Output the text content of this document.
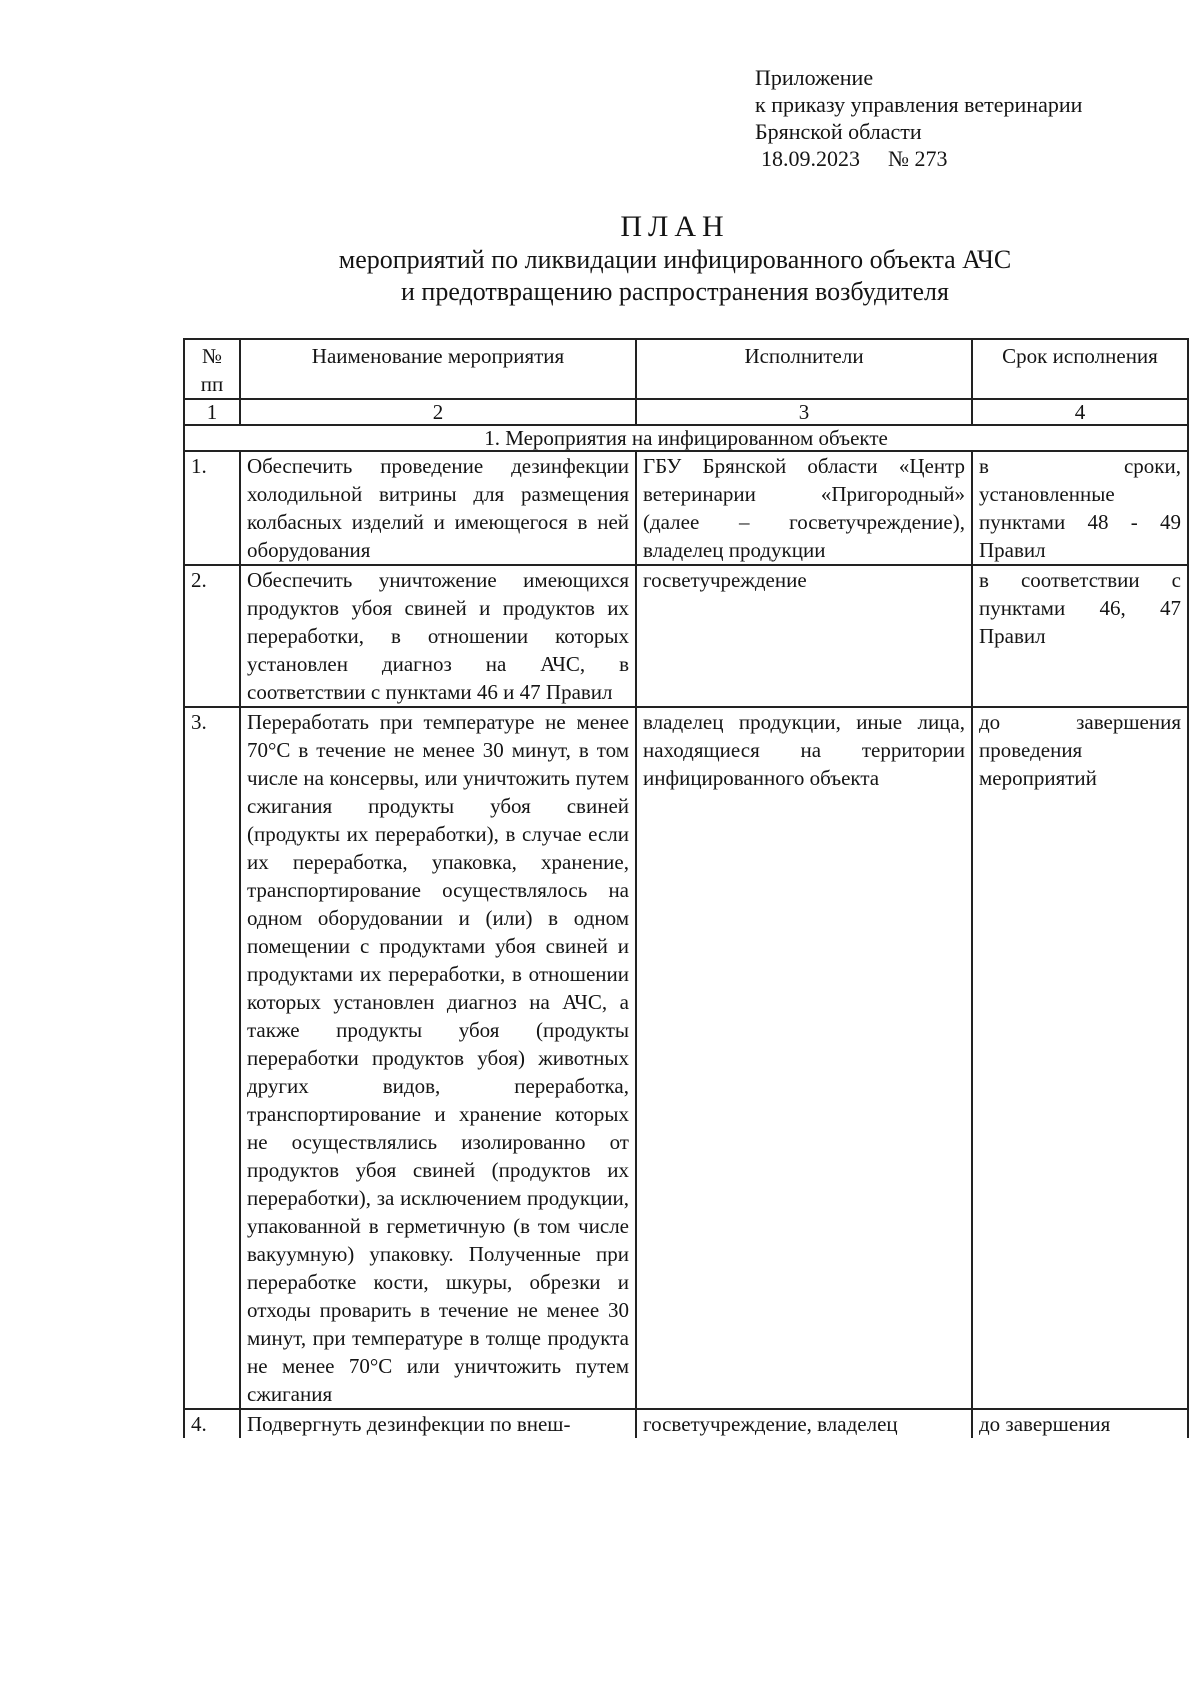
Приложение
к приказу управления ветеринарии
Брянской области
18.09.2023 № 273
ПЛАН
мероприятий по ликвидации инфицированного объекта АЧС
и предотвращению распространения возбудителя
№ пп	Наименование мероприятия	Исполнители	Срок исполнения
1	2	3	4
1. Мероприятия на инфицированном объекте			
1.	Обеспечить проведение дезинфекции холодильной витрины для размещения колбасных изделий и имеющегося в ней оборудования	ГБУ Брянской области «Центр ветеринарии «Пригородный» (далее – госветучреждение), владелец продукции	в сроки, установленные пунктами 48 - 49 Правил
2.	Обеспечить уничтожение имеющихся продуктов убоя свиней и продуктов их переработки, в отношении которых установлен диагноз на АЧС, в соответствии с пунктами 46 и 47 Правил	госветучреждение	в соответствии с пунктами 46, 47 Правил
3.	Переработать при температуре не менее 70°С в течение не менее 30 минут, в том числе на консервы, или уничтожить путем сжигания продукты убоя свиней (продукты их переработки), в случае если их переработка, упаковка, хранение, транспортирование осуществлялось на одном оборудовании и (или) в одном помещении с продуктами убоя свиней и продуктами их переработки, в отношении которых установлен диагноз на АЧС, а также продукты убоя (продукты переработки продуктов убоя) животных других видов, переработка, транспортирование и хранение которых не осуществлялись изолированно от продуктов убоя свиней (продуктов их переработки), за исключением продукции, упакованной в герметичную (в том числе вакуумную) упаковку. Полученные при переработке кости, шкуры, обрезки и отходы проварить в течение не менее 30 минут, при температуре в толще продукта не менее 70°С или уничтожить путем сжигания	владелец продукции, иные лица, находящиеся на территории инфицированного объекта	до завершения проведения мероприятий
4.	Подвергнуть дезинфекции по внеш-	госветучреждение, владелец	до завершения
